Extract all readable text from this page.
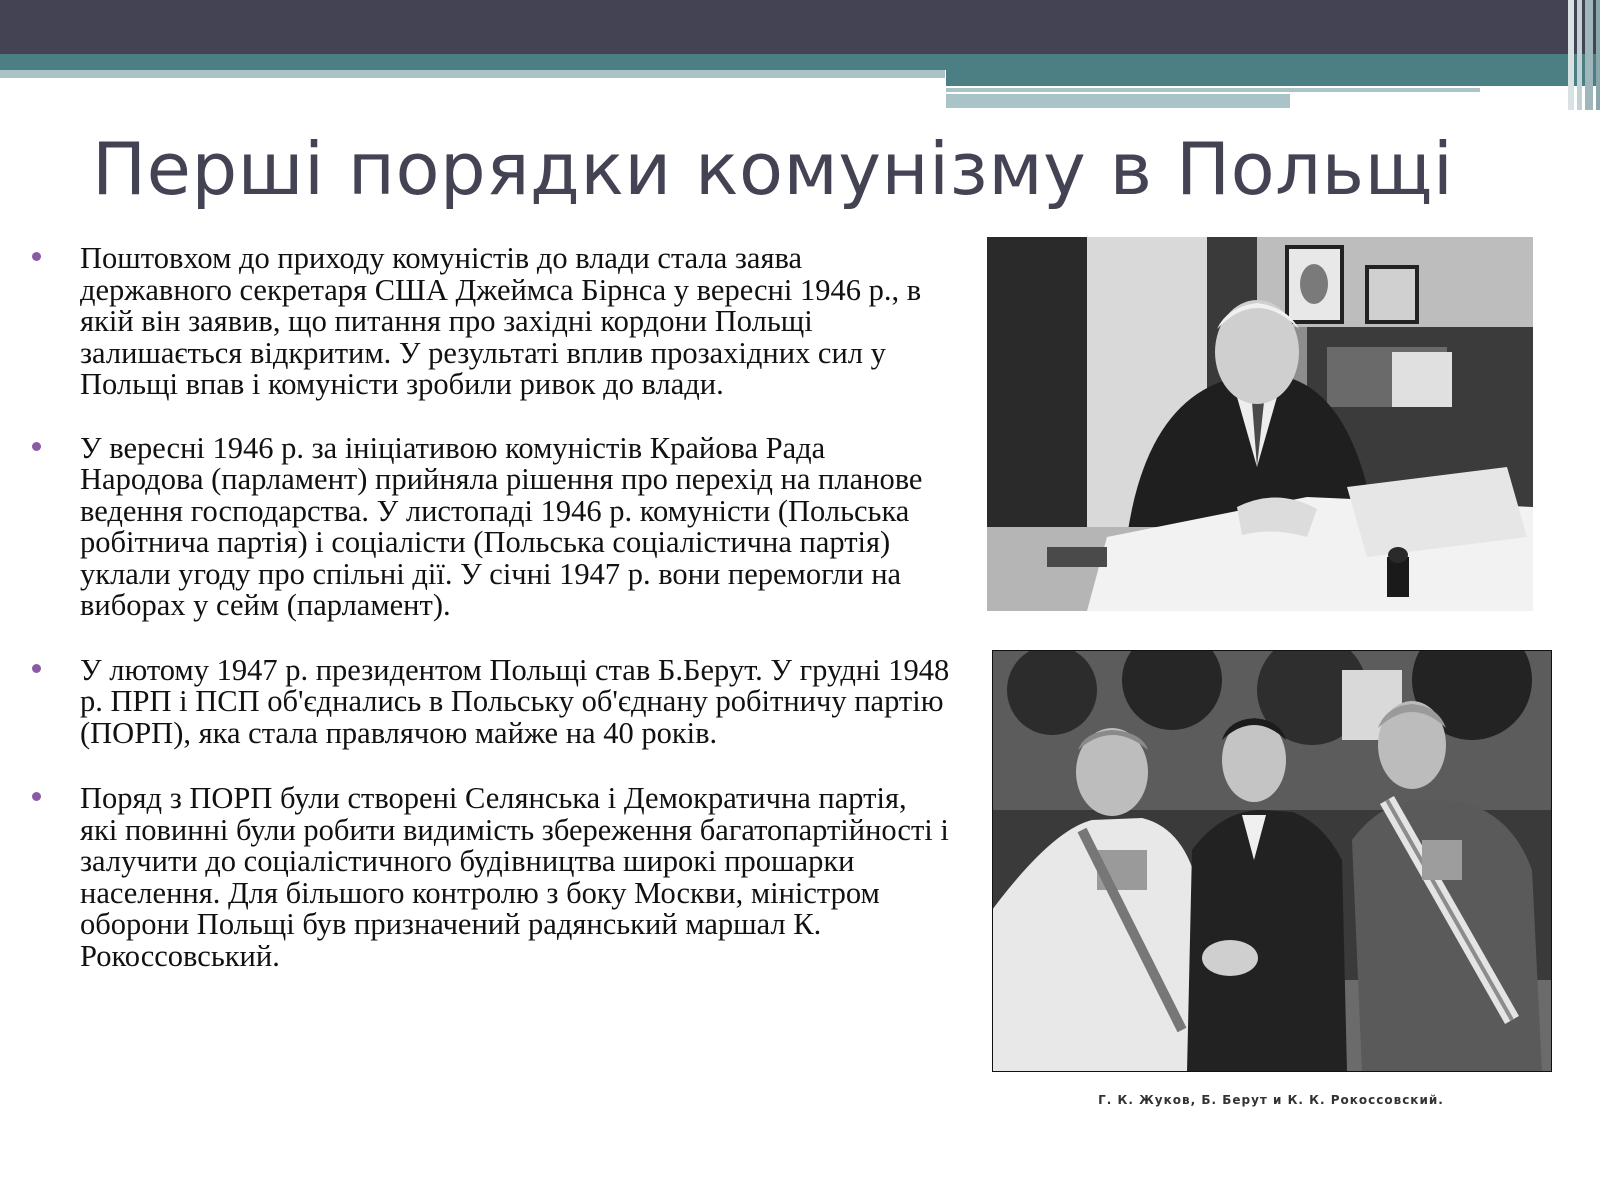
Перші порядки комунізму в Польщі
Поштовхом до приходу комуністів до влади стала заява державного секретаря США Джеймса Бірнса у вересні 1946 р., в якій він заявив, що питання про західні кордони Польщі залишається відкритим. У результаті вплив прозахідних сил у Польщі впав і комуністи зробили ривок до влади.
У вересні 1946 р. за ініціативою комуністів Крайова Рада Народова (парламент) прийняла рішення про перехід на планове ведення господарства. У листопаді 1946 р. комуністи (Польська робітнича партія) і соціалісти (Польська соціалістична партія) уклали угоду про спільні дії. У січні 1947 р. вони перемогли на виборах у сейм (парламент).
У лютому 1947 р. президентом Польщі став Б.Берут. У грудні 1948 р. ПРП і ПСП об'єднались в Польську об'єднану робітничу партію (ПОРП), яка стала правлячою майже на 40 років.
Поряд з ПОРП були створені Селянська і Демократична партія, які повинні були робити видимість збереження багатопартійності і залучити до соціалістичного будівництва широкі прошарки населення. Для більшого контролю з боку Москви, міністром оборони Польщі був призначений радянський маршал К. Рокоссовський.
Г. К. Жуков, Б. Берут и К. К. Рокоссовский.
